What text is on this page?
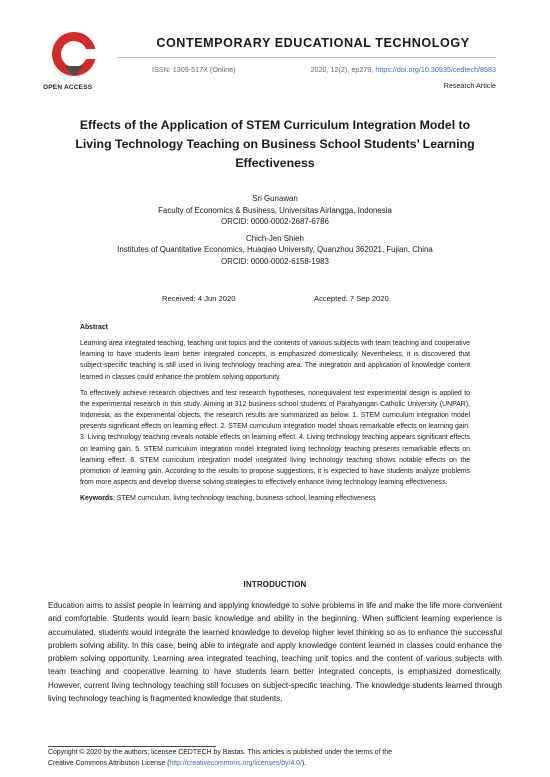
OPEN ACCESS
CONTEMPORARY EDUCATIONAL TECHNOLOGY
ISSN: 1309-517X (Online)	2020, 12(2), ep279, https://doi.org/10.30935/cedtech/8583
Research Article
Effects of the Application of STEM Curriculum Integration Model to
Living Technology Teaching on Business School Students’ Learning
Effectiveness
Sri Gunawan
Faculty of Economics & Business, Universitas Airlangga, Indonesia
ORCID: 0000-0002-2687-6786
Chich-Jen Shieh
Institutes of Quantitative Economics, Huaqiao University, Quanzhou 362021, Fujian, China
ORCID: 0000-0002-6158-1983
Received: 4 Jun 2020	Accepted: 7 Sep 2020
Abstract

Learning area integrated teaching, teaching unit topics and the contents of various subjects with team teaching and cooperative learning to have students learn better integrated concepts, is emphasized domestically. Nevertheless, it is discovered that subject-specific teaching is still used in living technology teaching area. The integration and application of knowledge content learned in classes could enhance the problem solving opportunity.

To effectively achieve research objectives and test research hypotheses, nonequivalent test experimental design is applied to the experimental research in this study. Aiming at 312 business school students of Parahyangan Catholic University (UNPAR), Indonesia, as the experimental objects, the research results are summarized as below. 1. STEM curriculum integration model presents significant effects on learning effect. 2. STEM curriculum integration model shows remarkable effects on learning gain. 3. Living technology teaching reveals notable effects on learning effect. 4. Living technology teaching appears significant effects on learning gain. 5. STEM curriculum integration model integrated living technology teaching presents remarkable effects on learning effect. 6. STEM curriculum integration model integrated living technology teaching shows notable effects on the promotion of learning gain. According to the results to propose suggestions, it is expected to have students analyze problems from more aspects and develop diverse solving strategies to effectively enhance living technology learning effectiveness.

Keywords: STEM curriculum, living technology teaching, business school, learning effectiveness

INTRODUCTION

Education aims to assist people in learning and applying knowledge to solve problems in life and make the life more convenient and comfortable. Students would learn basic knowledge and ability in the beginning. When sufficient learning experience is accumulated, students would integrate the learned knowledge to develop higher level thinking so as to enhance the successful problem solving ability. In this case, being able to integrate and apply knowledge content learned in classes could enhance the problem solving opportunity. Learning area integrated teaching, teaching unit topics and the content of various subjects with team teaching and cooperative learning to have students learn better integrated concepts, is emphasized domestically. However, current living technology teaching still focuses on subject-specific teaching. The knowledge students learned through living technology teaching is fragmented knowledge that students,

Copyright © 2020 by the authors; licensee CEDTECH by Bastas. This articles is published under the terms of the
Creative Commons Attribution License (http://creativecommons.org/licenses/by/4.0/).
